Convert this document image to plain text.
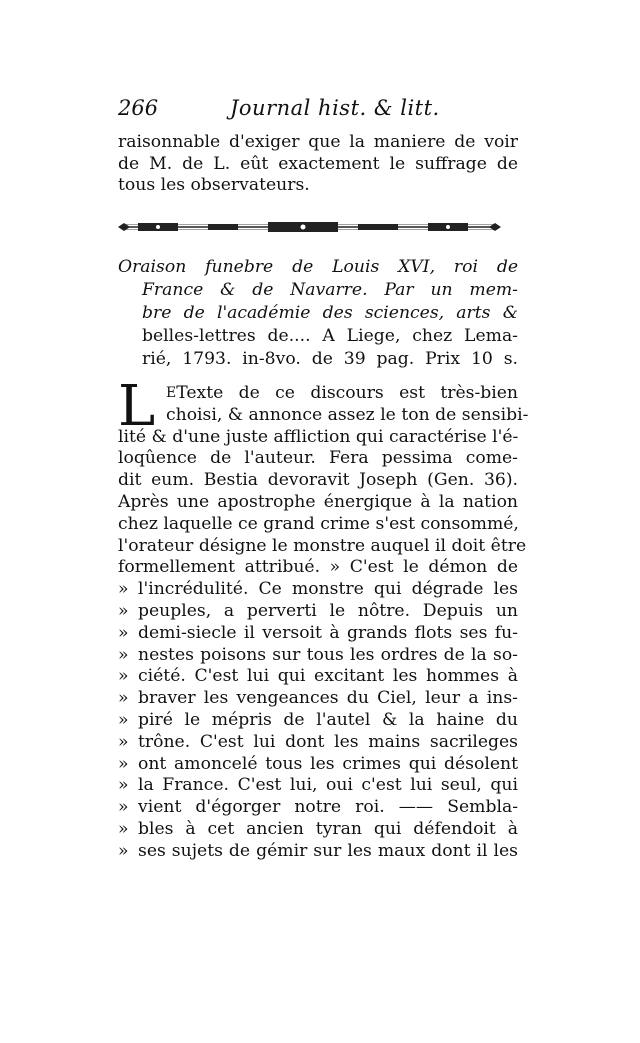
266	Journal hist. & litt.
raisonnable d'exiger que la maniere de voir
de M. de L. eût exactement le suffrage de
tous les observateurs.
Oraison funebre de Louis XVI, roi de
France & de Navarre. Par un mem-
bre de l'académie des sciences, arts &
belles-lettres de.... A Liege, chez Lema-
rié, 1793. in-8vo. de 39 pag. Prix 10 s.
L E Texte de ce discours est très-bien
choisi, & annonce assez le ton de sensibi-
lité & d'une juste affliction qui caractérise l'é-
loqûence de l'auteur. Fera pessima come-
dit eum. Bestia devoravit Joseph (Gen. 36).
Après une apostrophe énergique à la nation
chez laquelle ce grand crime s'est consommé,
l'orateur désigne le monstre auquel il doit être
formellement attribué. » C'est le démon de
» l'incrédulité. Ce monstre qui dégrade les
» peuples, a perverti le nôtre. Depuis un
» demi-siecle il versoit à grands flots ses fu-
» nestes poisons sur tous les ordres de la so-
» ciété. C'est lui qui excitant les hommes à
» braver les vengeances du Ciel, leur a ins-
» piré le mépris de l'autel & la haine du
» trône. C'est lui dont les mains sacrileges
» ont amoncelé tous les crimes qui désolent
» la France. C'est lui, oui c'est lui seul, qui
» vient d'égorger notre roi. —— Sembla-
» bles à cet ancien tyran qui défendoit à
» ses sujets de gémir sur les maux dont il les
